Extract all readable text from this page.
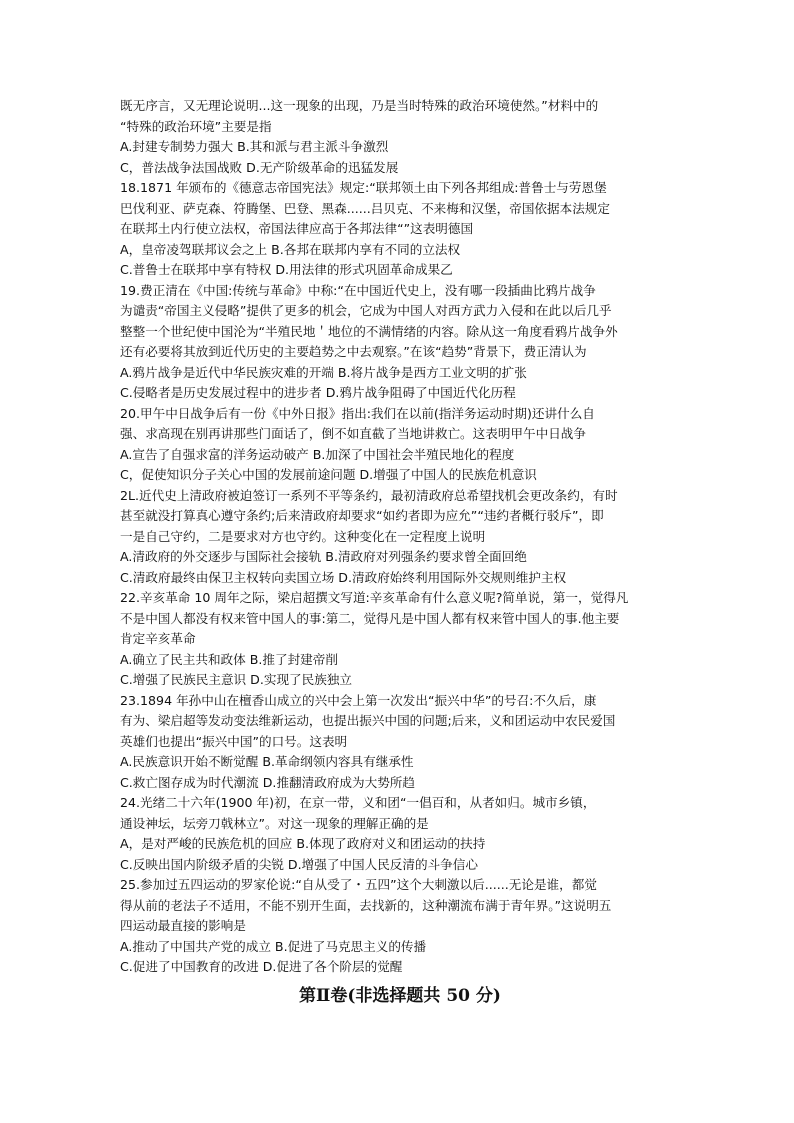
既无序言，又无理论说明...这一现象的出现，乃是当时特殊的政治环境使然。”材料中的
“特殊的政治环境”主要是指
A.封建专制势力强大 B.其和派与君主派斗争激烈
C，普法战争法国战败 D.无产阶级革命的迅猛发展
18.1871 年颁布的《德意志帝国宪法》规定:“联邦领土由下列各邦组成:普鲁士与劳恩堡
巴伐利亚、萨克森、符腾堡、巴登、黑森......吕贝克、不来梅和汉堡，帝国依据本法规定
在联邦土内行使立法权，帝国法律应高于各邦法律“”这表明德国
A，皇帝凌驾联邦议会之上 B.各邦在联邦内享有不同的立法权
C.普鲁士在联邦中享有特权 D.用法律的形式巩固革命成果乙
19.费正清在《中国:传统与革命》中称:“在中国近代史上，没有哪一段插曲比鸦片战争
为谴责“帝国主义侵略”提供了更多的机会，它成为中国人对西方武力入侵和在此以后几乎
整整一个世纪使中国沦为“半殖民地＇地位的不满情绪的内容。除从这一角度看鸦片战争外
还有必要将其放到近代历史的主要趋势之中去观察。”在该“趋势”背景下，费正清认为
A.鸦片战争是近代中华民族灾难的开端 B.将片战争是西方工业文明的扩张
C.侵略者是历史发展过程中的进步者 D.鸦片战争阻碍了中国近代化历程
20.甲午中日战争后有一份《中外日报》指出:我们在以前(指洋务运动时期)还讲什么自
强、求高现在别再讲那些门面话了，倒不如直截了当地讲救亡。这表明甲午中日战争
A.宣告了自强求富的洋务运动破产 B.加深了中国社会半殖民地化的程度
C，促使知识分子关心中国的发展前途问题 D.增强了中国人的民族危机意识
2L.近代史上清政府被迫签订一系列不平等条约，最初清政府总希望找机会更改条约，有时
甚至就没打算真心遵守条约;后来清政府却要求“如约者即为应允”“违约者概行驳斥”，即
一是自己守约，二是要求对方也守约。这种变化在一定程度上说明
A.清政府的外交逐步与国际社会接轨 B.清政府对列强条约要求曾全面回绝
C.清政府最终由保卫主权转向卖国立场 D.清政府始终利用国际外交规则维护主权
22.辛亥革命 10 周年之际，梁启超撰文写道:辛亥革命有什么意义呢?简单说，第一，觉得凡
不是中国人都没有权来管中国人的事:第二，觉得凡是中国人都有权来管中国人的事.他主要
肯定辛亥革命
A.确立了民主共和政体 B.推了封建帝削
C.增强了民族民主意识 D.实现了民族独立
23.1894 年孙中山在檀香山成立的兴中会上第一次发出“振兴中华”的号召:不久后，康
有为、梁启超等发动变法维新运动，也提出振兴中国的问题;后来，义和团运动中农民爱国
英雄们也提出“振兴中国”的口号。这表明
A.民族意识开始不断觉醒 B.革命纲领内容具有继承性
C.救亡图存成为时代潮流 D.推翻清政府成为大势所趋
24.光绪二十六年(1900 年)初，在京一带，义和团“一倡百和，从者如归。城市乡镇，
通设神坛，坛旁刀戟林立”。对这一现象的理解正确的是
A，是对严峻的民族危机的回应 B.体现了政府对义和团运动的扶持
C.反映出国内阶级矛盾的尖锐 D.增强了中国人民反清的斗争信心
25.参加过五四运动的罗家伦说:“自从受了・五四”这个大刺激以后......无论是谁，都觉
得从前的老法子不适用，不能不别开生面，去找新的，这种潮流布满于青年界。”这说明五
四运动最直接的影响是
A.推动了中国共产党的成立 B.促进了马克思主义的传播
C.促进了中国教育的改进 D.促进了各个阶层的觉醒
第Ⅱ卷(非选择题共 50 分)
